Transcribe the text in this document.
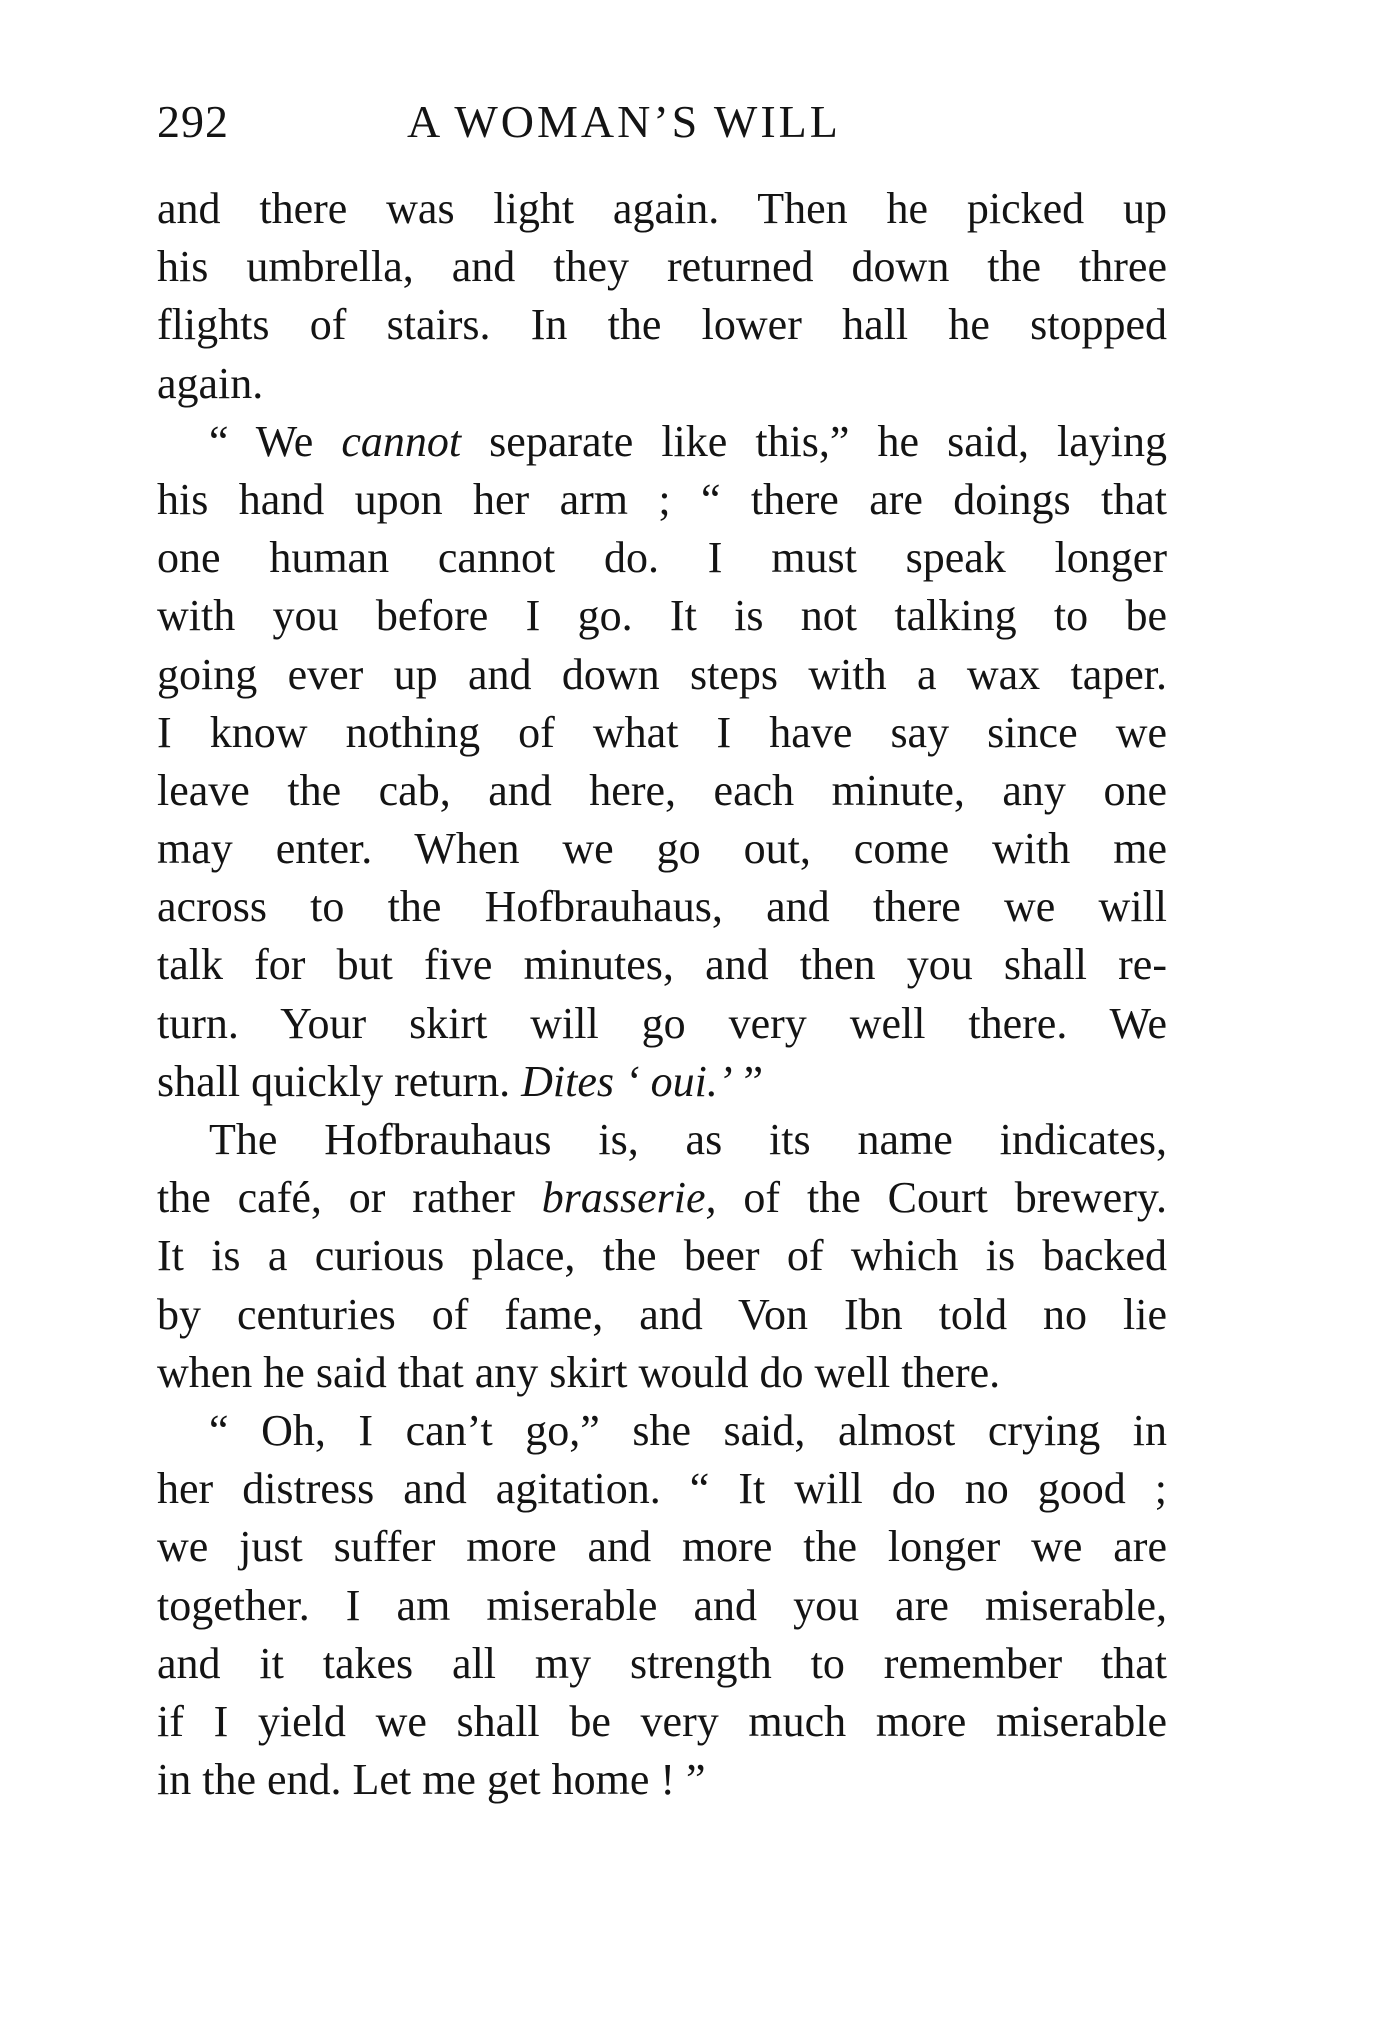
292	A WOMAN’S WILL
and there was light again. Then he picked up
his umbrella, and they returned down the three
flights of stairs. In the lower hall he stopped
again.
“ We cannot separate like this,” he said, laying
his hand upon her arm ; “ there are doings that
one human cannot do. I must speak longer
with you before I go. It is not talking to be
going ever up and down steps with a wax taper.
I know nothing of what I have say since we
leave the cab, and here, each minute, any one
may enter. When we go out, come with me
across to the Hofbrauhaus, and there we will
talk for but five minutes, and then you shall re-
turn. Your skirt will go very well there. We
shall quickly return. Dites ‘ oui.’ ”
The Hofbrauhaus is, as its name indicates,
the café, or rather brasserie, of the Court brewery.
It is a curious place, the beer of which is backed
by centuries of fame, and Von Ibn told no lie
when he said that any skirt would do well there.
“ Oh, I can’t go,” she said, almost crying in
her distress and agitation. “ It will do no good ;
we just suffer more and more the longer we are
together. I am miserable and you are miserable,
and it takes all my strength to remember that
if I yield we shall be very much more miserable
in the end. Let me get home ! ”
